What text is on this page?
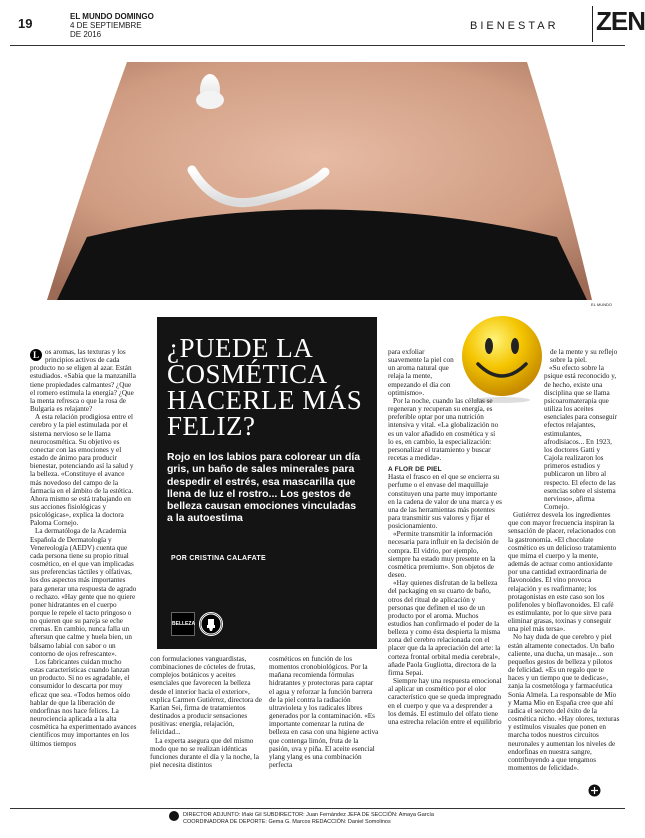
19	EL MUNDO DOMINGO
4 DE SEPTIEMBRE
DE 2016
BIENESTAR ZEN
EL MUNDO
¿PUEDE LA COSMÉTICA HACERLE MÁS FELIZ?
Rojo en los labios para colorear un día gris, un baño de sales minerales para despedir el estrés, esa mascarilla que llena de luz el rostro... Los gestos de belleza causan emociones vinculadas a la autoestima
POR CRISTINA CALAFATE
BELLEZA

L os aromas, las texturas y los principios activos de cada producto no se eligen al azar. Están estudiados. «Sabía que la manzanilla tiene propiedades calmantes? ¿Que el romero estimula la energía? ¿Que la menta refresca o que la rosa de Bulgaria es relajante?

A esta relación prodigiosa entre el cerebro y la piel estimulada por el sistema nervioso se le llama neurocosmética. Su objetivo es conectar con las emociones y el estado de ánimo para producir bienestar, potenciando así la salud y la belleza. «Constituye el avance más novedoso del campo de la farmacia en el ámbito de la estética. Ahora mismo se está trabajando en sus acciones fisiológicas y psicológicas», explica la doctora Paloma Cornejo.

La dermatóloga de la Academia Española de Dermatología y Venereología (AEDV) cuenta que cada persona tiene su propio ritual cosmético, en el que van implicadas sus preferencias táctiles y olfativas, los dos aspectos más importantes para generar una respuesta de agrado o rechazo. «Hay gente que no quiere poner hidratantes en el cuerpo porque le repele el tacto pringoso o no quieren que su pareja se eche cremas. En cambio, nunca falla un aftersun que calme y huela bien, un bálsamo labial con sabor o un contorno de ojos refrescante».

Los fabricantes cuidan mucho estas características cuando lanzan un producto. Si no es agradable, el consumidor lo descarta por muy eficaz que sea. «Todos hemos oído hablar de que la liberación de endorfinas nos hace felices. La neurociencia aplicada a la alta cosmética ha experimentado avances científicos muy importantes en los últimos tiempos

con formulaciones vanguardistas, combinaciones de cócteles de frutas, complejos botánicos y aceites esenciales que favorecen la belleza desde el interior hacia el exterior», explica Carmen Gutiérrez, directora de Karian Sei, firma de tratamientos destinados a producir sensaciones positivas: energía, relajación, felicidad...

La experta asegura que del mismo modo que no se realizan idénticas funciones durante el día y la noche, la piel necesita distintos

cosméticos en función de los momentos cronobiológicos. Por la mañana recomienda fórmulas hidratantes y protectoras para captar el agua y reforzar la función barrera de la piel contra la radiación ultravioleta y los radicales libres generados por la contaminación. «Es importante comenzar la rutina de belleza en casa con una higiene activa que contenga limón, fruta de la pasión, uva y piña. El aceite esencial ylang ylang es una combinación perfecta

para exfoliar suavemente la piel con un aroma natural que relaja la mente, empezando el día con optimismo».

Por la noche, cuando las células se regeneran y recuperan su energía, es preferible optar por una nutrición intensiva y vital. «La globalización no es un valor añadido en cosmética y sí lo es, en cambio, la especialización: personalizar el tratamiento y buscar recetas a medida».

A FLOR DE PIEL

Hasta el frasco en el que se encierra su perfume o el envase del maquillaje constituyen una parte muy importante en la cadena de valor de una marca y es una de las herramientas más potentes para transmitir sus valores y fijar el posicionamiento.

«Permite transmitir la información necesaria para influir en la decisión de compra. El vidrio, por ejemplo, siempre ha estado muy presente en la cosmética premium». Son objetos de deseo.

«Hay quienes disfrutan de la belleza del packaging en su cuarto de baño, otros del ritual de aplicación y personas que definen el uso de un producto por el aroma. Muchos estudios han confirmado el poder de la belleza y como ésta despierta la misma zona del cerebro relacionada con el placer que da la apreciación del arte: la corteza frontal orbital media cerebral», añade Paola Gugliotta, directora de la firma Sepai.

Siempre hay una respuesta emocional al aplicar un cosmético por el olor característico que se queda impregnado en el cuerpo y que va a desprender a los demás. El estímulo del olfato tiene una estrecha relación entre el equilibrio

de la mente y su reflejo sobre la piel.

«Su efecto sobre la psique está reconocido y, de hecho, existe una disciplina que se llama psicoaromaterapia que utiliza los aceites esenciales para conseguir efectos relajantes, estimulantes, afrodisiacos... En 1923, los doctores Gatti y Cajola realizaron los primeros estudios y publicaron un libro al respecto. El efecto de las esencias sobre el sistema nervioso», afirma Cornejo.

Gutiérrez desvela los ingredientes que con mayor frecuencia inspiran la sensación de placer, relacionados con la gastronomía. «El chocolate cosmético es un delicioso tratamiento que mima el cuerpo y la mente, además de actuar como antioxidante por una cantidad extraordinaria de flavonoides. El vino provoca relajación y es reafirmante; los protagonistas en este caso son los polifenoles y bioflavonoides. El café es estimulante, por lo que sirve para eliminar grasas, toxinas y conseguir una piel más tersa».

No hay duda de que cerebro y piel están altamente conectados. Un baño caliente, una ducha, un masaje... son pequeños gestos de belleza y pilotos de felicidad. «Es un regalo que te haces y un tiempo que te dedicas», zanja la cosmetóloga y farmacéutica Sonia Almela. La responsable de Mío y Mama Mio en España cree que ahí radica el secreto del éxito de la cosmética nicho. «Hay olores, texturas y estímulos visuales que ponen en marcha todos nuestros circuitos neuronales y aumentan los niveles de endorfinas en nuestra sangre, contribuyendo a que tengamos momentos de felicidad».

DIRECTOR ADJUNTO: Iñaki Gil SUBDIRECTOR: Juan Fernández JEFA DE SECCIÓN: Amaya García
COORDINADORA DE DEPORTE: Gema G. Marcos REDACCIÓN: Daniel Somolinos
